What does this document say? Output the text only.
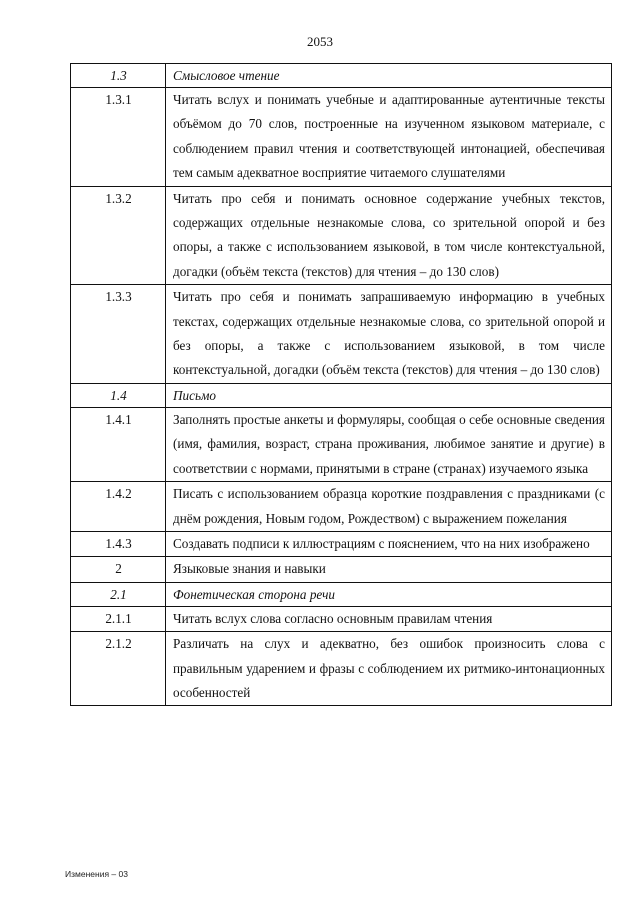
2053
1.3	Смысловое чтение
1.3.1	Читать вслух и понимать учебные и адаптированные аутентичные тексты объёмом до 70 слов, построенные на изученном языковом материале, с соблюдением правил чтения и соответствующей интонацией, обеспечивая тем самым адекватное восприятие читаемого слушателями
1.3.2	Читать про себя и понимать основное содержание учебных текстов, содержащих отдельные незнакомые слова, со зрительной опорой и без опоры, а также с использованием языковой, в том числе контекстуальной, догадки (объём текста (текстов) для чтения – до 130 слов)
1.3.3	Читать про себя и понимать запрашиваемую информацию в учебных текстах, содержащих отдельные незнакомые слова, со зрительной опорой и без опоры, а также с использованием языковой, в том числе контекстуальной, догадки (объём текста (текстов) для чтения – до 130 слов)
1.4	Письмо
1.4.1	Заполнять простые анкеты и формуляры, сообщая о себе основные сведения (имя, фамилия, возраст, страна проживания, любимое занятие и другие) в соответствии с нормами, принятыми в стране (странах) изучаемого языка
1.4.2	Писать с использованием образца короткие поздравления с праздниками (с днём рождения, Новым годом, Рождеством) с выражением пожелания
1.4.3	Создавать подписи к иллюстрациям с пояснением, что на них изображено
2	Языковые знания и навыки
2.1	Фонетическая сторона речи
2.1.1	Читать вслух слова согласно основным правилам чтения
2.1.2	Различать на слух и адекватно, без ошибок произносить слова с правильным ударением и фразы с соблюдением их ритмико-интонационных особенностей
Изменения – 03
